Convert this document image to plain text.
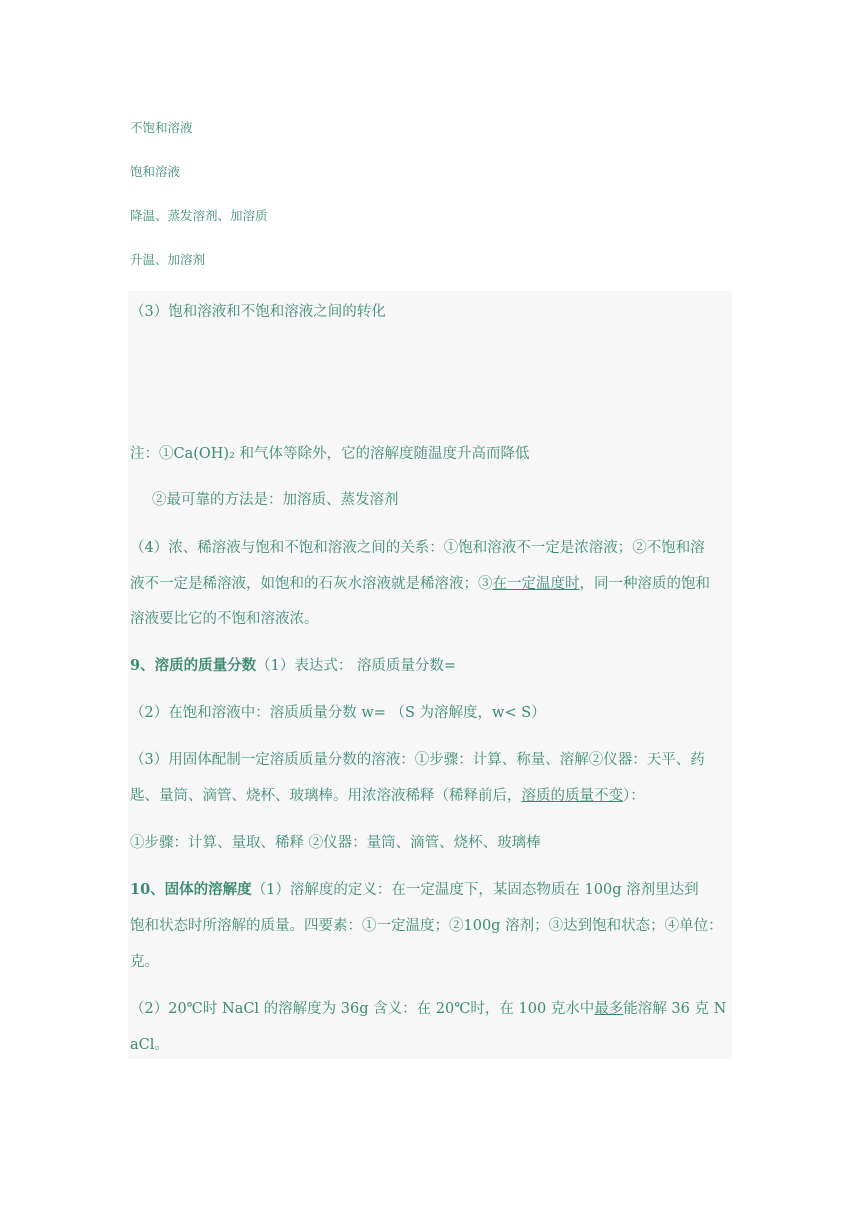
不饱和溶液
饱和溶液
降温、蒸发溶剂、加溶质
升温、加溶剂
（3）饱和溶液和不饱和溶液之间的转化
注：①Ca(OH)₂ 和气体等除外，它的溶解度随温度升高而降低
②最可靠的方法是：加溶质、蒸发溶剂
（4）浓、稀溶液与饱和不饱和溶液之间的关系：①饱和溶液不一定是浓溶液；②不饱和溶
液不一定是稀溶液，如饱和的石灰水溶液就是稀溶液；③在一定温度时，同一种溶质的饱和
溶液要比它的不饱和溶液浓。
9、溶质的质量分数（1）表达式： 溶质质量分数=
（2）在饱和溶液中：溶质质量分数 w= （S 为溶解度，w< S）
（3）用固体配制一定溶质质量分数的溶液：①步骤：计算、称量、溶解②仪器：天平、药
匙、量筒、滴管、烧杯、玻璃棒。用浓溶液稀释（稀释前后，溶质的质量不变）：
①步骤：计算、量取、稀释 ②仪器：量筒、滴管、烧杯、玻璃棒
10、固体的溶解度（1）溶解度的定义：在一定温度下，某固态物质在 100g 溶剂里达到
饱和状态时所溶解的质量。四要素：①一定温度；②100g 溶剂；③达到饱和状态；④单位：
克。
（2）20℃时 NaCl 的溶解度为 36g 含义：在 20℃时，在 100 克水中最多能溶解 36 克 N
aCl。
